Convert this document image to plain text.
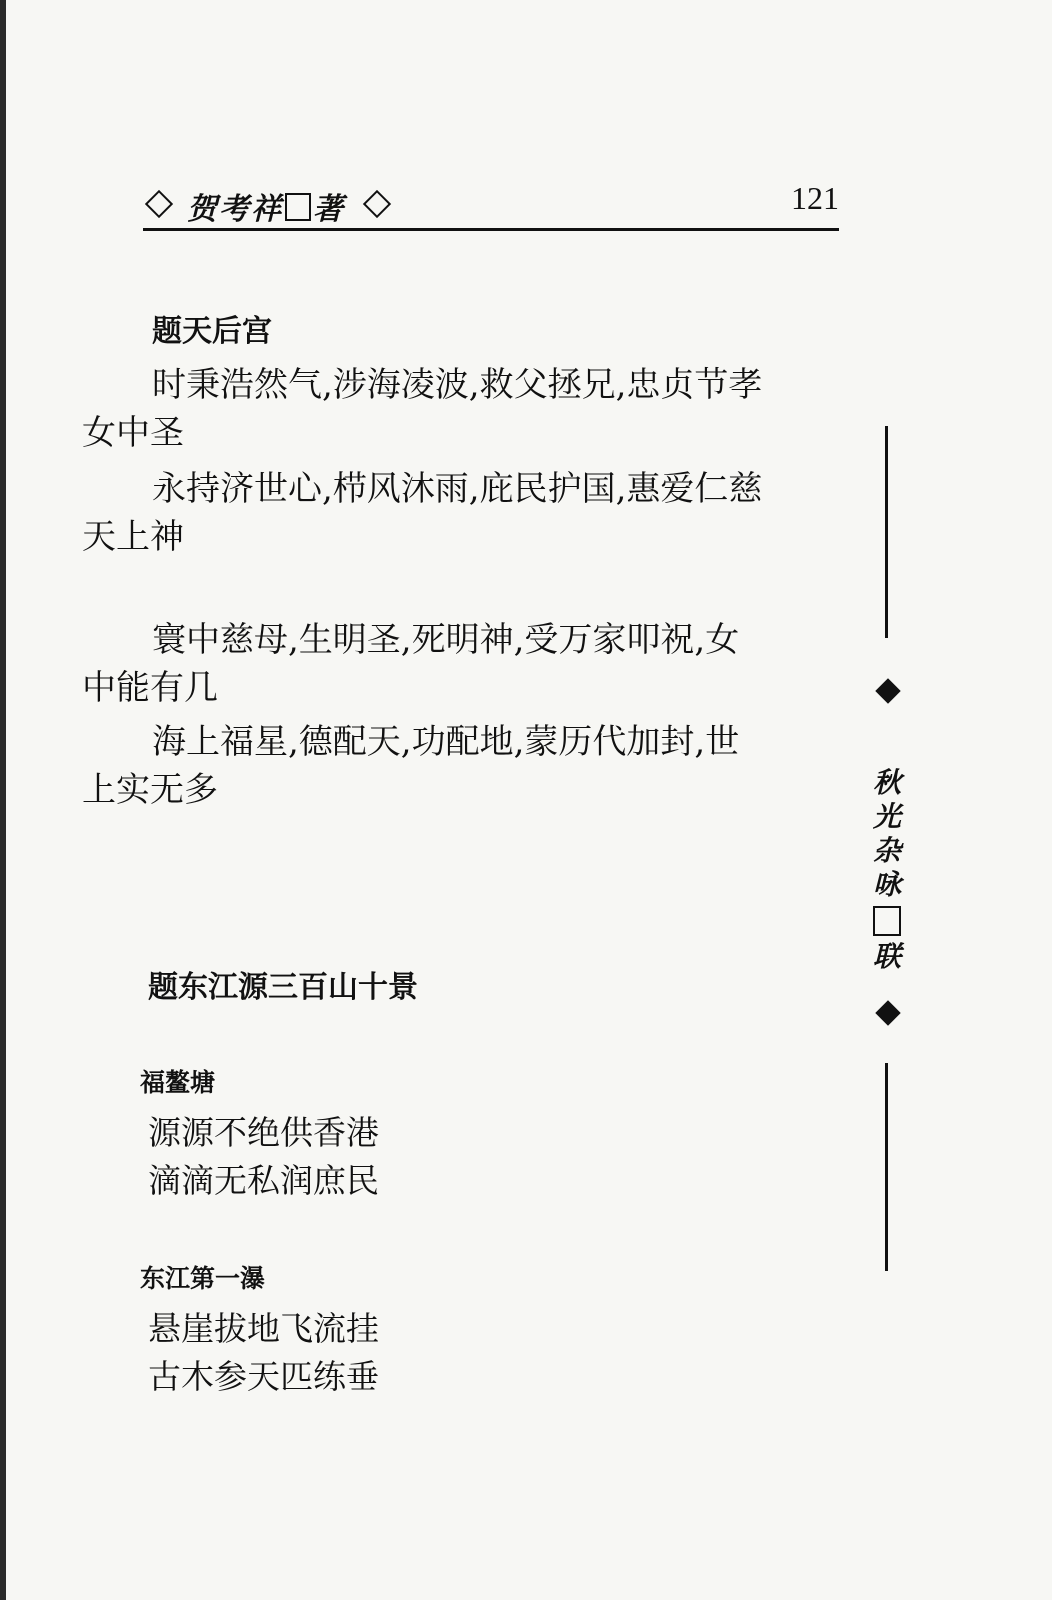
贺考祥 著	121
题天后宫
时秉浩然气,涉海凌波,救父拯兄,忠贞节孝
女中圣
永持济世心,栉风沐雨,庇民护国,惠爱仁慈
天上神
寰中慈母,生明圣,死明神,受万家叩祝,女
中能有几
海上福星,德配天,功配地,蒙历代加封,世
上实无多
题东江源三百山十景
福鳌塘
源源不绝供香港
滴滴无私润庶民
东江第一瀑
悬崖拔地飞流挂
古木参天匹练垂
秋
光
杂
咏
联
